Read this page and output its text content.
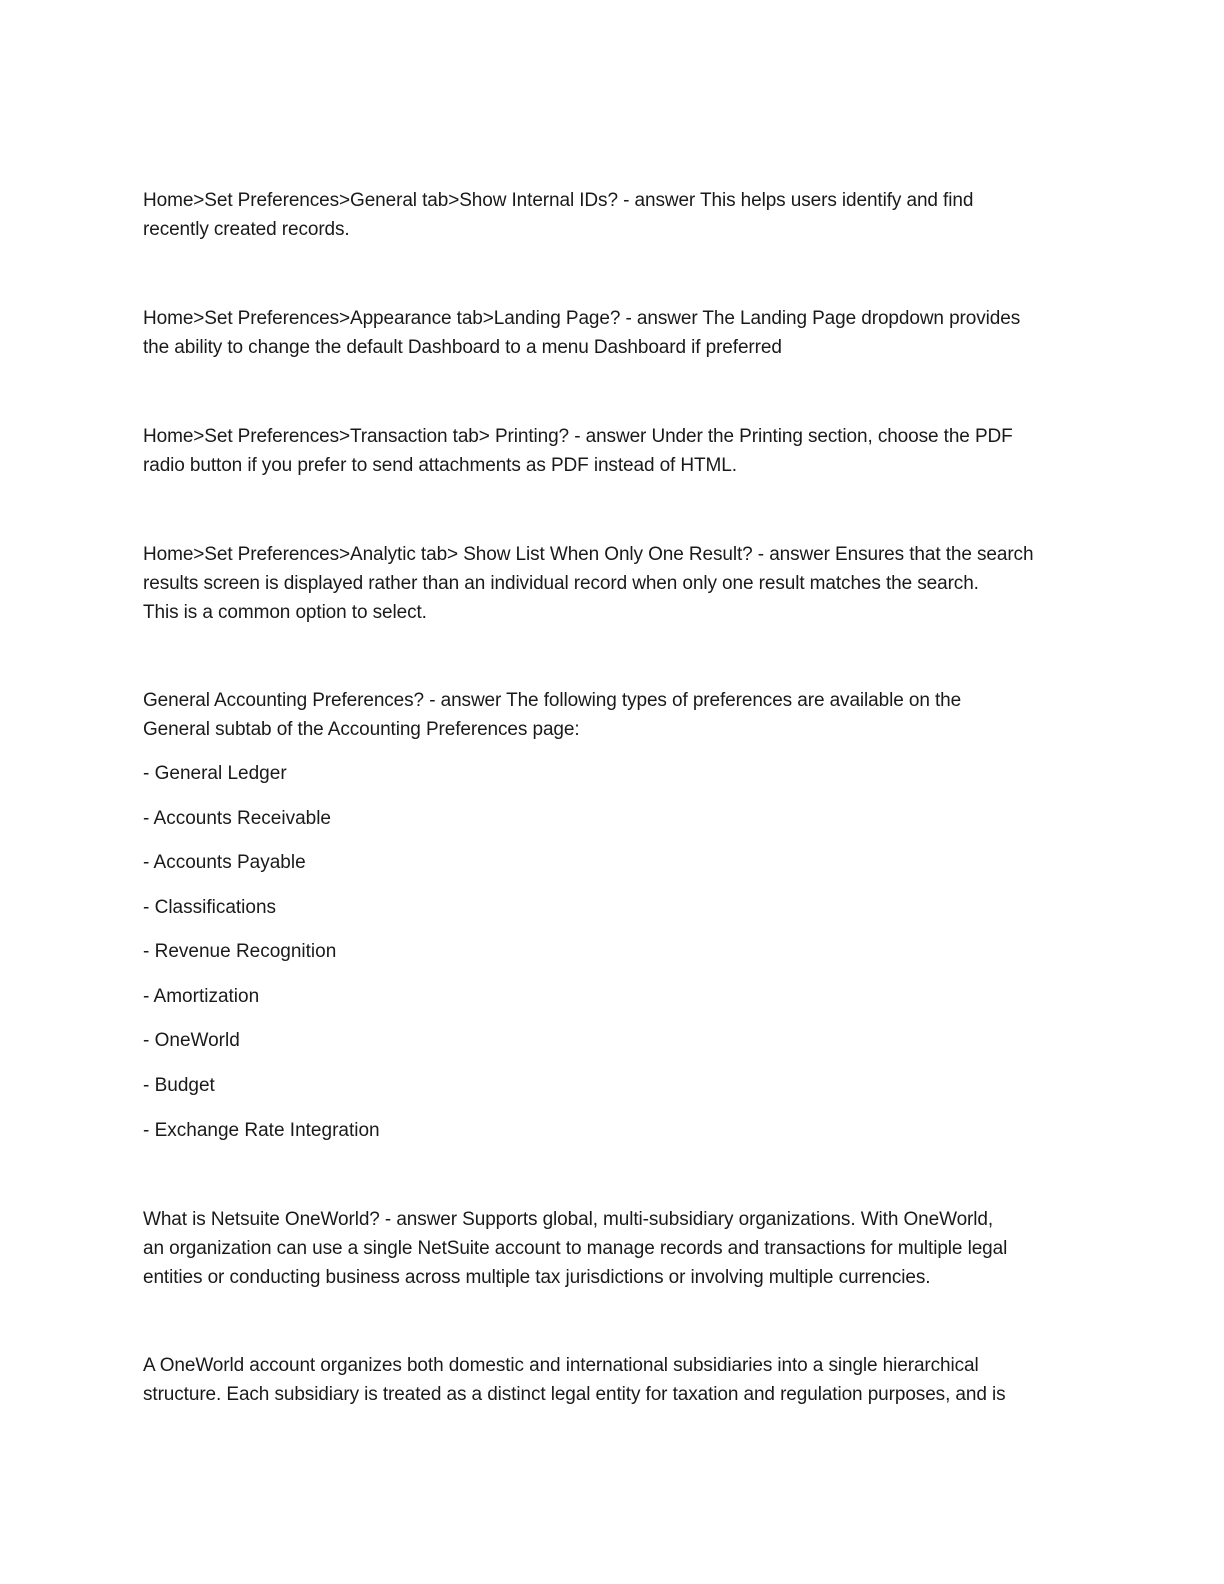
Home>Set Preferences>General tab>Show Internal IDs? - answer This helps users identify and find
recently created records.
Home>Set Preferences>Appearance tab>Landing Page? - answer The Landing Page dropdown provides
the ability to change the default Dashboard to a menu Dashboard if preferred
Home>Set Preferences>Transaction tab> Printing? - answer Under the Printing section, choose the PDF
radio button if you prefer to send attachments as PDF instead of HTML.
Home>Set Preferences>Analytic tab> Show List When Only One Result? - answer Ensures that the search
results screen is displayed rather than an individual record when only one result matches the search.
This is a common option to select.
General Accounting Preferences? - answer The following types of preferences are available on the
General subtab of the Accounting Preferences page:
- General Ledger
- Accounts Receivable
- Accounts Payable
- Classifications
- Revenue Recognition
- Amortization
- OneWorld
- Budget
- Exchange Rate Integration
What is Netsuite OneWorld? - answer Supports global, multi-subsidiary organizations. With OneWorld,
an organization can use a single NetSuite account to manage records and transactions for multiple legal
entities or conducting business across multiple tax jurisdictions or involving multiple currencies.
A OneWorld account organizes both domestic and international subsidiaries into a single hierarchical
structure. Each subsidiary is treated as a distinct legal entity for taxation and regulation purposes, and is
